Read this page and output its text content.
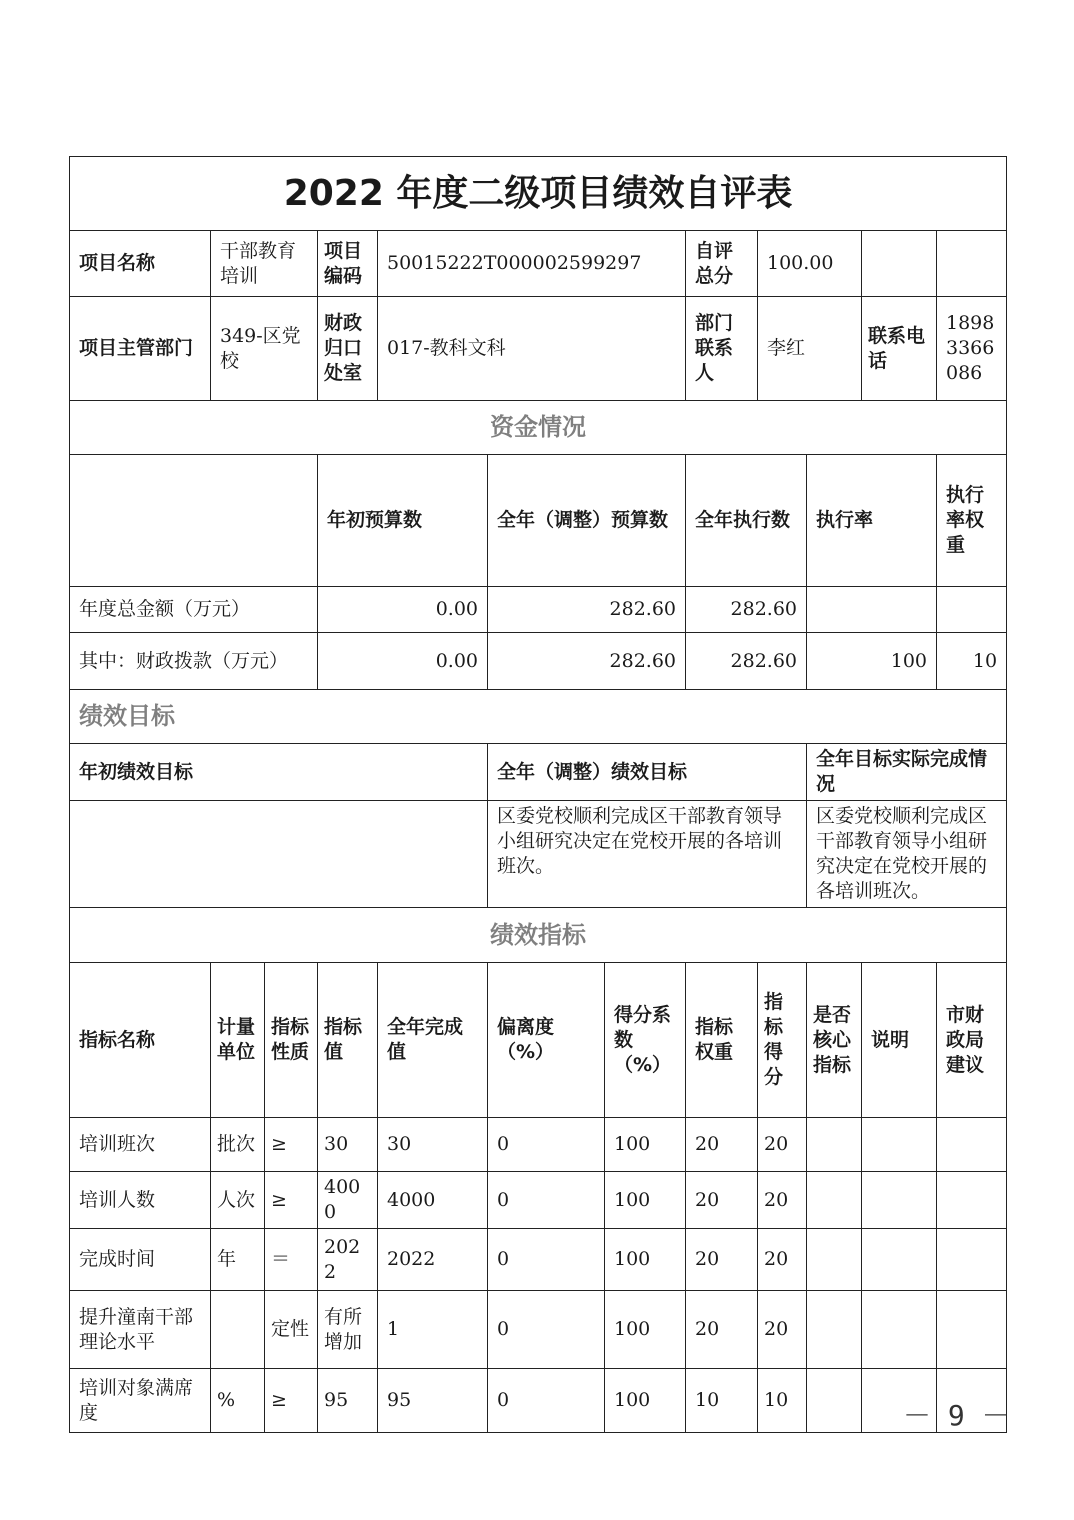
2022 年度二级项目绩效自评表												
项目名称	干部教育培训		项目编码	50015222T000002599297			自评总分	100.00				
项目主管部门	349-区党校		财政归口处室	017-教科文科			部门联系人	李红		联系电话	18983366086	
资金情况												
			年初预算数		全年（调整）预算数		全年执行数		执行率		执行率权重	
年度总金额（万元）			0.00		282.60		282.60					
其中：财政拨款（万元）			0.00		282.60		282.60		100		10	
绩效目标												
年初绩效目标					全年（调整）绩效目标				全年目标实际完成情况			
					区委党校顺利完成区干部教育领导小组研究决定在党校开展的各培训班次。				区委党校顺利完成区干部教育领导小组研究决定在党校开展的各培训班次。			
绩效指标												
指标名称	计量单位	指标性质	指标值	全年完成值	偏离度（%）	得分系数（%）	指标权重	指标得分	是否核心指标	说明	市财政局建议	
培训班次	批次	≥	30	30	0	100	20	20				
培训人数	人次	≥	4000	4000	0	100	20	20				
完成时间	年	＝	2022	2022	0	100	20	20				
提升潼南干部理论水平		定性	有所增加	1	0	100	20	20				
培训对象满席度	%	≥	95	95	0	100	10	10					－ 9 －
